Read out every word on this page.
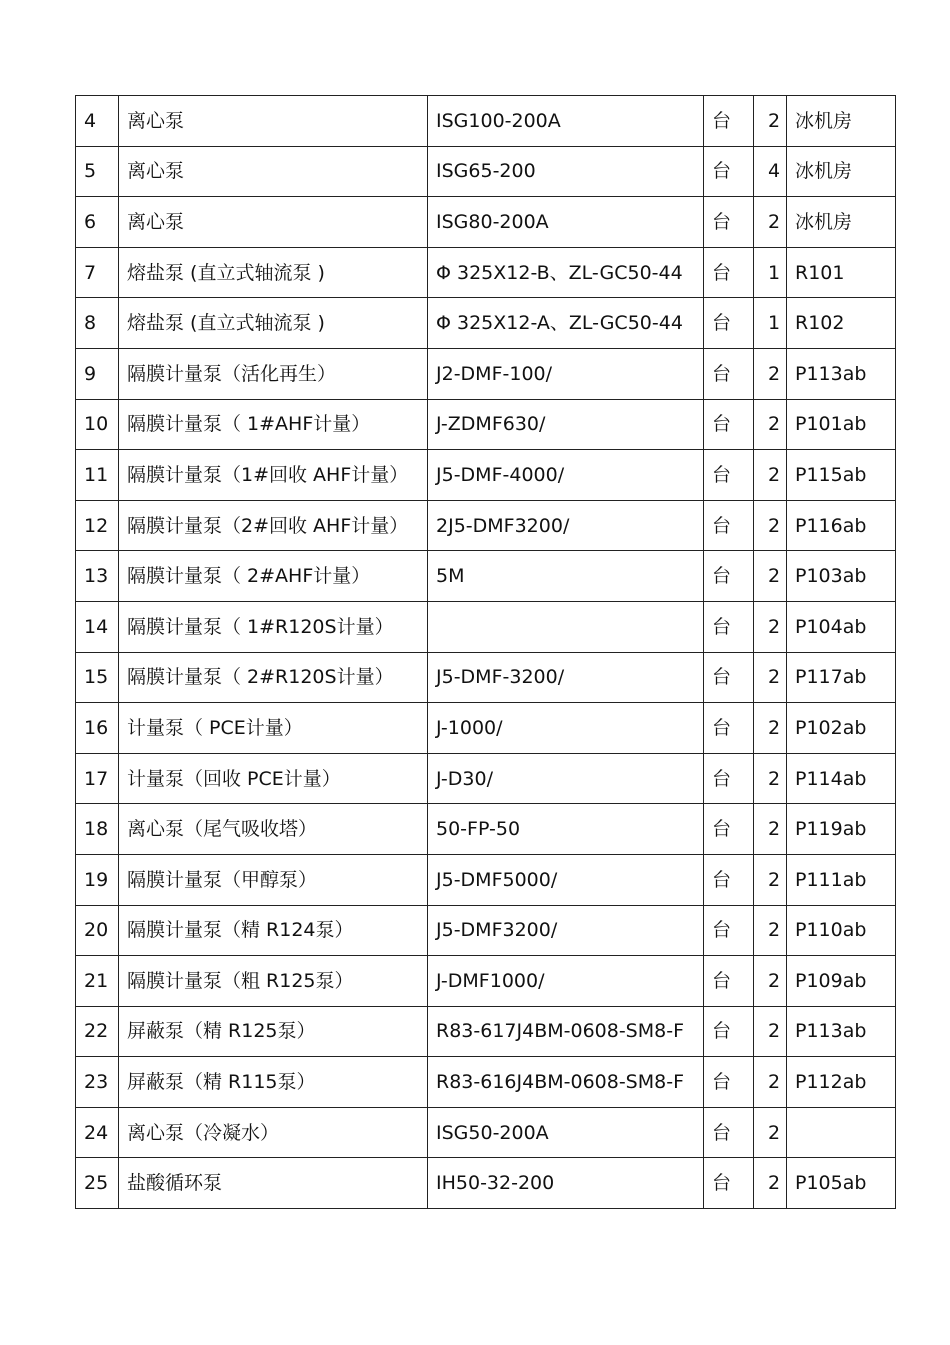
4	离心泵	ISG100-200A	台	2	冰机房
5	离心泵	ISG65-200	台	4	冰机房
6	离心泵	ISG80-200A	台	2	冰机房
7	熔盐泵 (直立式轴流泵 )	Φ 325X12-B、ZL-GC50-44	台	1	R101
8	熔盐泵 (直立式轴流泵 )	Φ 325X12-A、ZL-GC50-44	台	1	R102
9	隔膜计量泵（活化再生）	J2-DMF-100/	台	2	P113ab
10	隔膜计量泵（ 1#AHF计量）	J-ZDMF630/	台	2	P101ab
11	隔膜计量泵（1#回收 AHF计量）	J5-DMF-4000/	台	2	P115ab
12	隔膜计量泵（2#回收 AHF计量）	2J5-DMF3200/	台	2	P116ab
13	隔膜计量泵（ 2#AHF计量）	5M	台	2	P103ab
14	隔膜计量泵（ 1#R120S计量）		台	2	P104ab
15	隔膜计量泵（ 2#R120S计量）	J5-DMF-3200/	台	2	P117ab
16	计量泵（ PCE计量）	J-1000/	台	2	P102ab
17	计量泵（回收 PCE计量）	J-D30/	台	2	P114ab
18	离心泵（尾气吸收塔）	50-FP-50	台	2	P119ab
19	隔膜计量泵（甲醇泵）	J5-DMF5000/	台	2	P111ab
20	隔膜计量泵（精 R124泵）	J5-DMF3200/	台	2	P110ab
21	隔膜计量泵（粗 R125泵）	J-DMF1000/	台	2	P109ab
22	屏蔽泵（精 R125泵）	R83-617J4BM-0608-SM8-F	台	2	P113ab
23	屏蔽泵（精 R115泵）	R83-616J4BM-0608-SM8-F	台	2	P112ab
24	离心泵（冷凝水）	ISG50-200A	台	2	
25	盐酸循环泵	IH50-32-200	台	2	P105ab
